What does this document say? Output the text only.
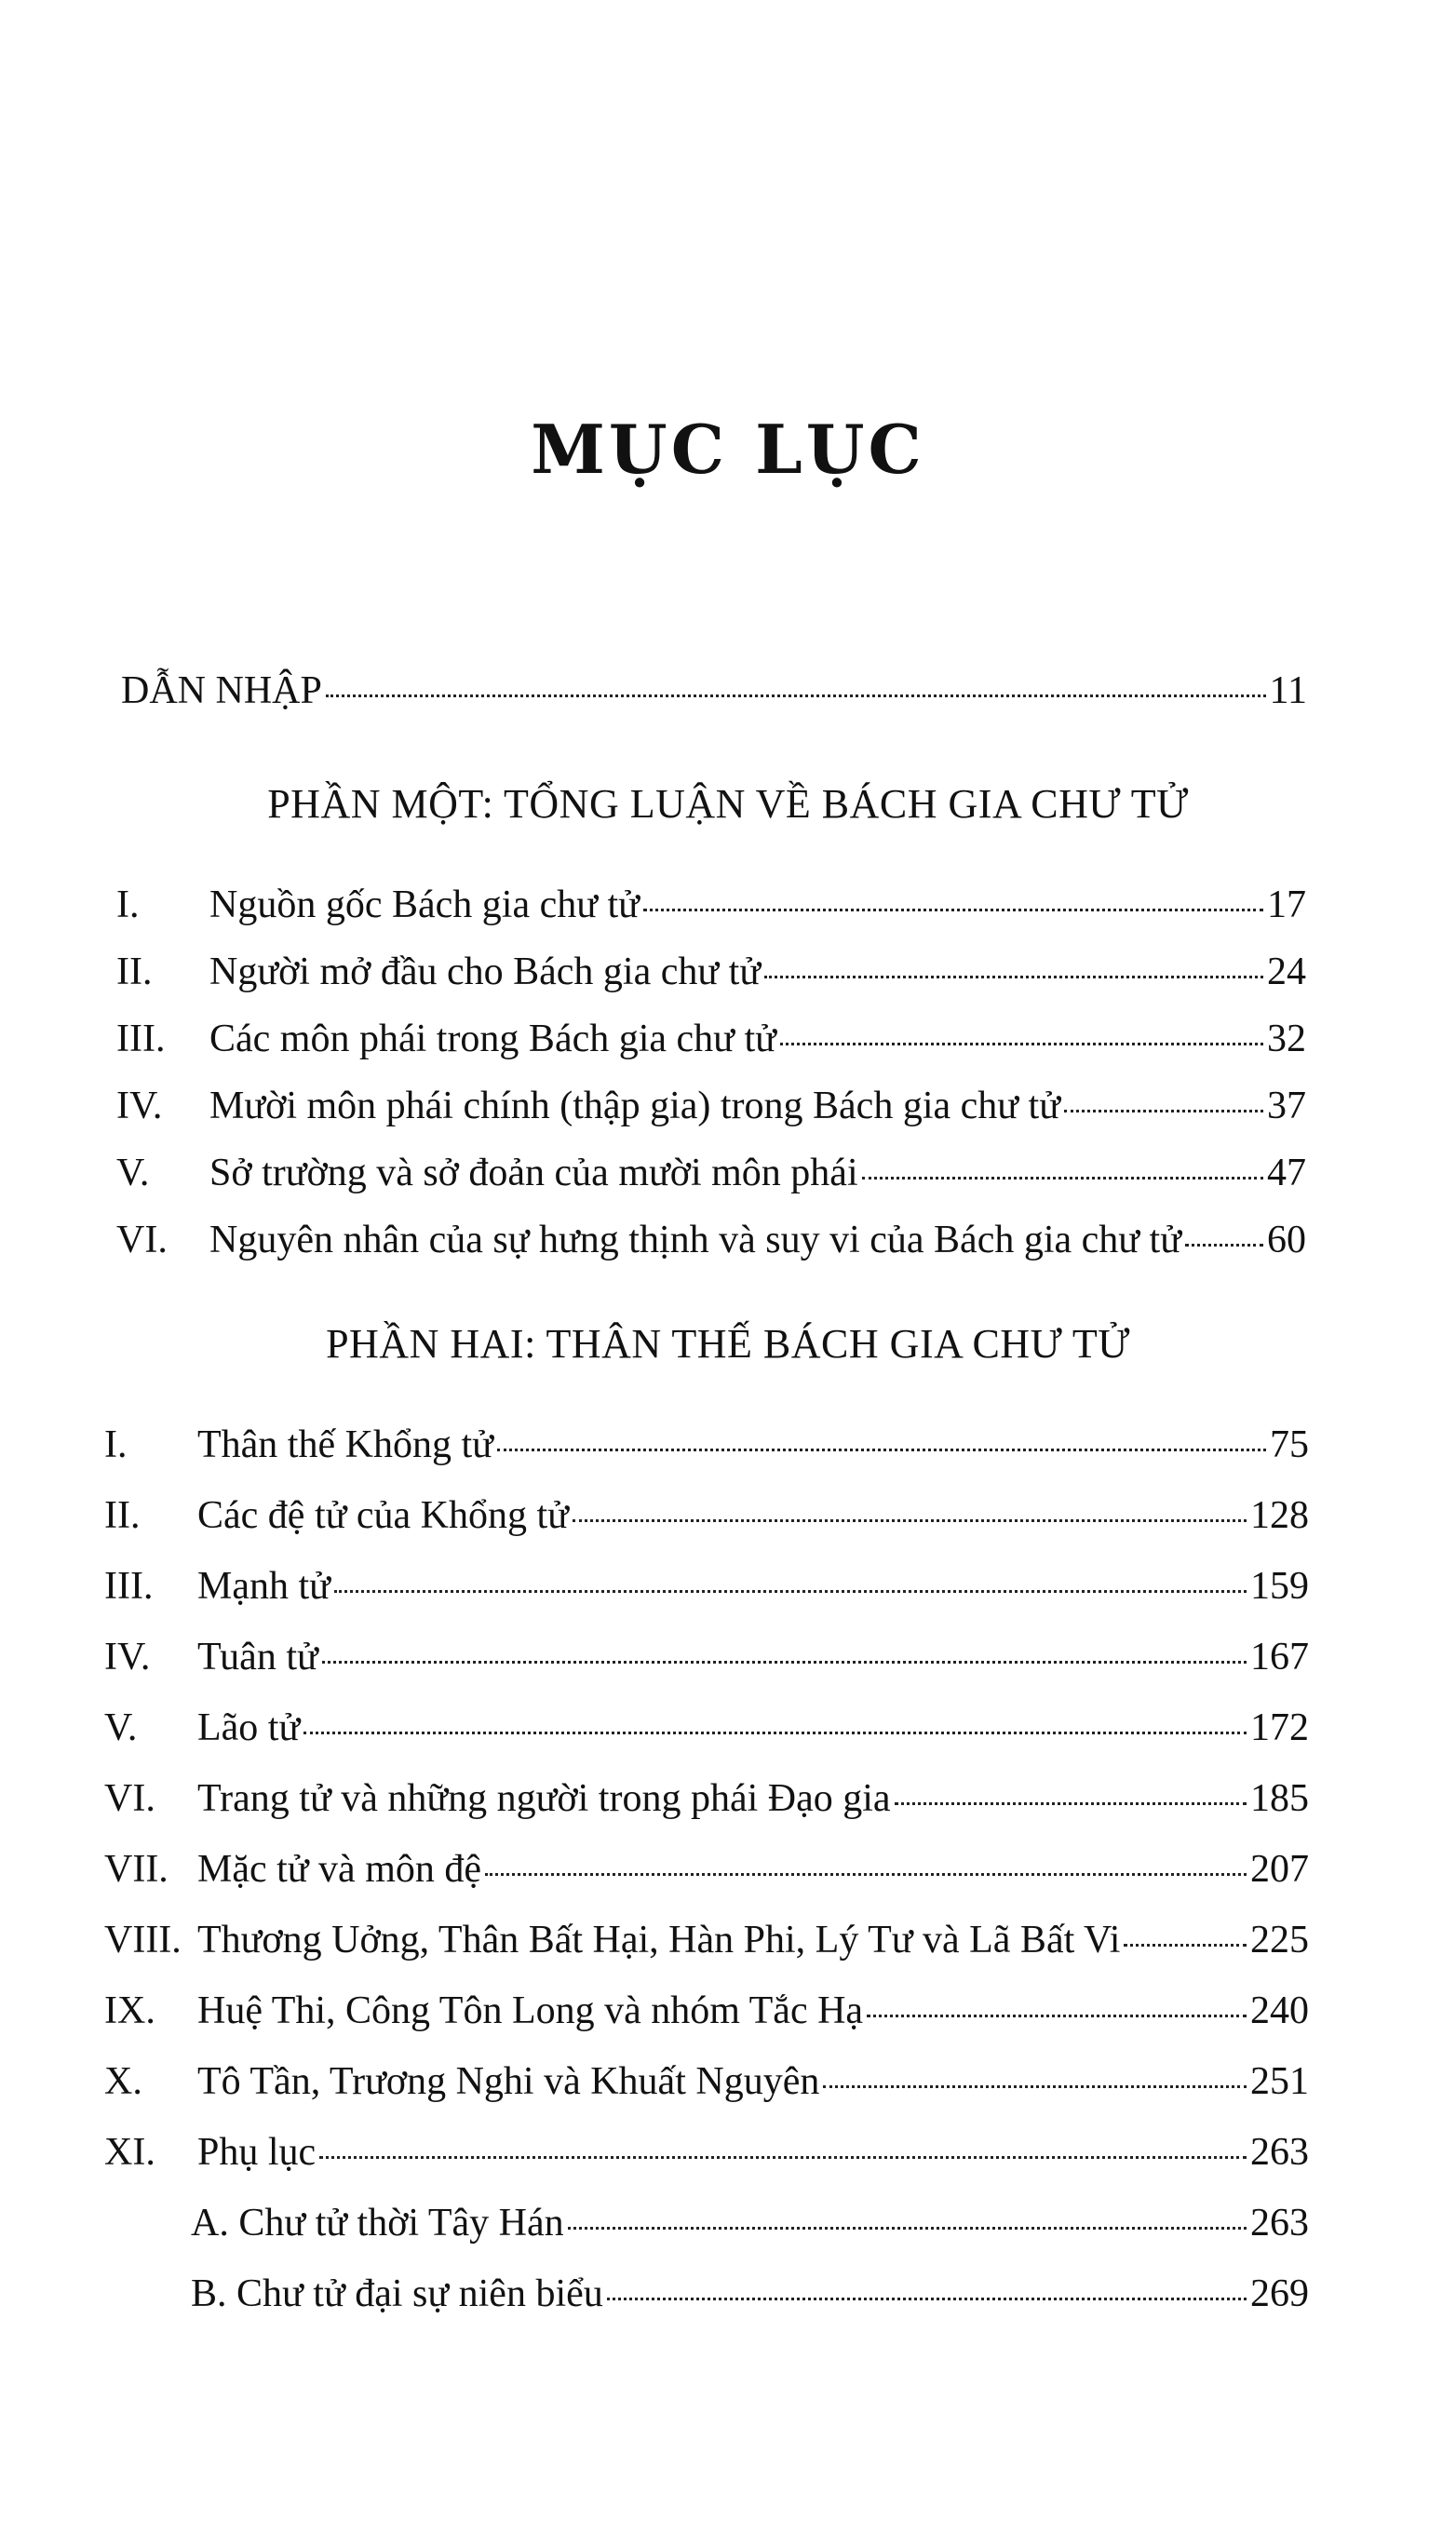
MỤC LỤC
DẪN NHẬP	11
PHẦN MỘT: TỔNG LUẬN VỀ BÁCH GIA CHƯ TỬ
I.	Nguồn gốc Bách gia chư tử	17
II.	Người mở đầu cho Bách gia chư tử	24
III.	Các môn phái trong Bách gia chư tử	32
IV.	Mười môn phái chính (thập gia) trong Bách gia chư tử	37
V.	Sở trường và sở đoản của mười môn phái	47
VI.	Nguyên nhân của sự hưng thịnh và suy vi của Bách gia chư tử 60
PHẦN HAI: THÂN THẾ BÁCH GIA CHƯ TỬ
I.	Thân thế Khổng tử	75
II.	Các đệ tử của Khổng tử	128
III.	Mạnh tử	159
IV.	Tuân tử	167
V.	Lão tử	172
VI.	Trang tử và những người trong phái Đạo gia	185
VII. Mặc tử và môn đệ	207
VIII. Thương Uởng, Thân Bất Hại, Hàn Phi, Lý Tư và Lã Bất Vi	225
IX.	Huệ Thi, Công Tôn Long và nhóm Tắc Hạ	240
X.	Tô Tần, Trương Nghi và Khuất Nguyên	251
XI.	Phụ lục	263
A. Chư tử thời Tây Hán	263
B. Chư tử đại sự niên biểu	269
